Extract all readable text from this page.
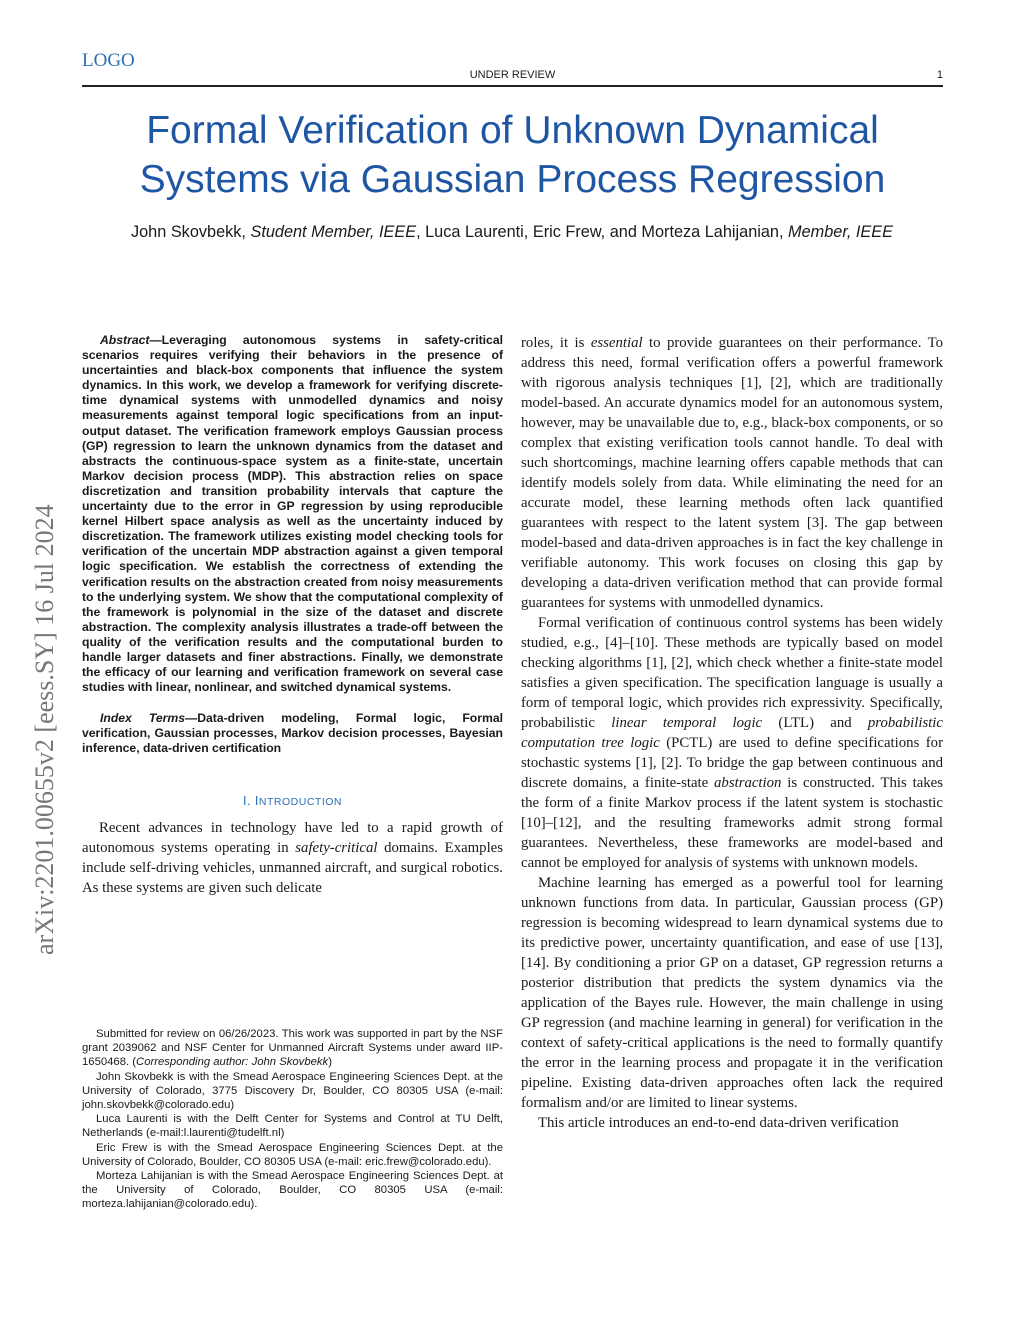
LOGO
UNDER REVIEW	1
Formal Verification of Unknown Dynamical
Systems via Gaussian Process Regression
John Skovbekk, Student Member, IEEE, Luca Laurenti, Eric Frew, and Morteza Lahijanian, Member, IEEE
arXiv:2201.00655v2 [eess.SY] 16 Jul 2024

Abstract—Leveraging autonomous systems in safety-critical scenarios requires verifying their behaviors in the presence of uncertainties and black-box components that influence the system dynamics. In this work, we develop a framework for verifying discrete-time dynamical systems with unmodelled dynamics and noisy measurements against temporal logic specifications from an input-output dataset. The verification framework employs Gaussian process (GP) regression to learn the unknown dynamics from the dataset and abstracts the continuous-space system as a finite-state, uncertain Markov decision process (MDP). This abstraction relies on space discretization and transition probability intervals that capture the uncertainty due to the error in GP regression by using reproducible kernel Hilbert space analysis as well as the uncertainty induced by discretization. The framework utilizes existing model checking tools for verification of the uncertain MDP abstraction against a given temporal logic specification. We establish the correctness of extending the verification results on the abstraction created from noisy measurements to the underlying system. We show that the computational complexity of the framework is polynomial in the size of the dataset and discrete abstraction. The complexity analysis illustrates a trade-off between the quality of the verification results and the computational burden to handle larger datasets and finer abstractions. Finally, we demonstrate the efficacy of our learning and verification framework on several case studies with linear, nonlinear, and switched dynamical systems.

Index Terms—Data-driven modeling, Formal logic, Formal verification, Gaussian processes, Markov decision processes, Bayesian inference, data-driven certification

I. INTRODUCTION

Recent advances in technology have led to a rapid growth of autonomous systems operating in safety-critical domains. Examples include self-driving vehicles, unmanned aircraft, and surgical robotics. As these systems are given such delicate

Submitted for review on 06/26/2023. This work was supported in part by the NSF grant 2039062 and NSF Center for Unmanned Aircraft Systems under award IIP-1650468. (Corresponding author: John Skovbekk)

John Skovbekk is with the Smead Aerospace Engineering Sciences Dept. at the University of Colorado, 3775 Discovery Dr, Boulder, CO 80305 USA (e-mail: john.skovbekk@colorado.edu)

Luca Laurenti is with the Delft Center for Systems and Control at TU Delft, Netherlands (e-mail:l.laurenti@tudelft.nl)

Eric Frew is with the Smead Aerospace Engineering Sciences Dept. at the University of Colorado, Boulder, CO 80305 USA (e-mail: eric.frew@colorado.edu).

Morteza Lahijanian is with the Smead Aerospace Engineering Sciences Dept. at the University of Colorado, Boulder, CO 80305 USA (e-mail: morteza.lahijanian@colorado.edu).

roles, it is essential to provide guarantees on their performance. To address this need, formal verification offers a powerful framework with rigorous analysis techniques [1], [2], which are traditionally model-based. An accurate dynamics model for an autonomous system, however, may be unavailable due to, e.g., black-box components, or so complex that existing verification tools cannot handle. To deal with such shortcomings, machine learning offers capable methods that can identify models solely from data. While eliminating the need for an accurate model, these learning methods often lack quantified guarantees with respect to the latent system [3]. The gap between model-based and data-driven approaches is in fact the key challenge in verifiable autonomy. This work focuses on closing this gap by developing a data-driven verification method that can provide formal guarantees for systems with unmodelled dynamics.

Formal verification of continuous control systems has been widely studied, e.g., [4]–[10]. These methods are typically based on model checking algorithms [1], [2], which check whether a finite-state model satisfies a given specification. The specification language is usually a form of temporal logic, which provides rich expressivity. Specifically, probabilistic linear temporal logic (LTL) and probabilistic computation tree logic (PCTL) are used to define specifications for stochastic systems [1], [2]. To bridge the gap between continuous and discrete domains, a finite-state abstraction is constructed. This takes the form of a finite Markov process if the latent system is stochastic [10]–[12], and the resulting frameworks admit strong formal guarantees. Nevertheless, these frameworks are model-based and cannot be employed for analysis of systems with unknown models.

Machine learning has emerged as a powerful tool for learning unknown functions from data. In particular, Gaussian process (GP) regression is becoming widespread to learn dynamical systems due to its predictive power, uncertainty quantification, and ease of use [13], [14]. By conditioning a prior GP on a dataset, GP regression returns a posterior distribution that predicts the system dynamics via the application of the Bayes rule. However, the main challenge in using GP regression (and machine learning in general) for verification in the context of safety-critical applications is the need to formally quantify the error in the learning process and propagate it in the verification pipeline. Existing data-driven approaches often lack the required formalism and/or are limited to linear systems.

This article introduces an end-to-end data-driven verification
